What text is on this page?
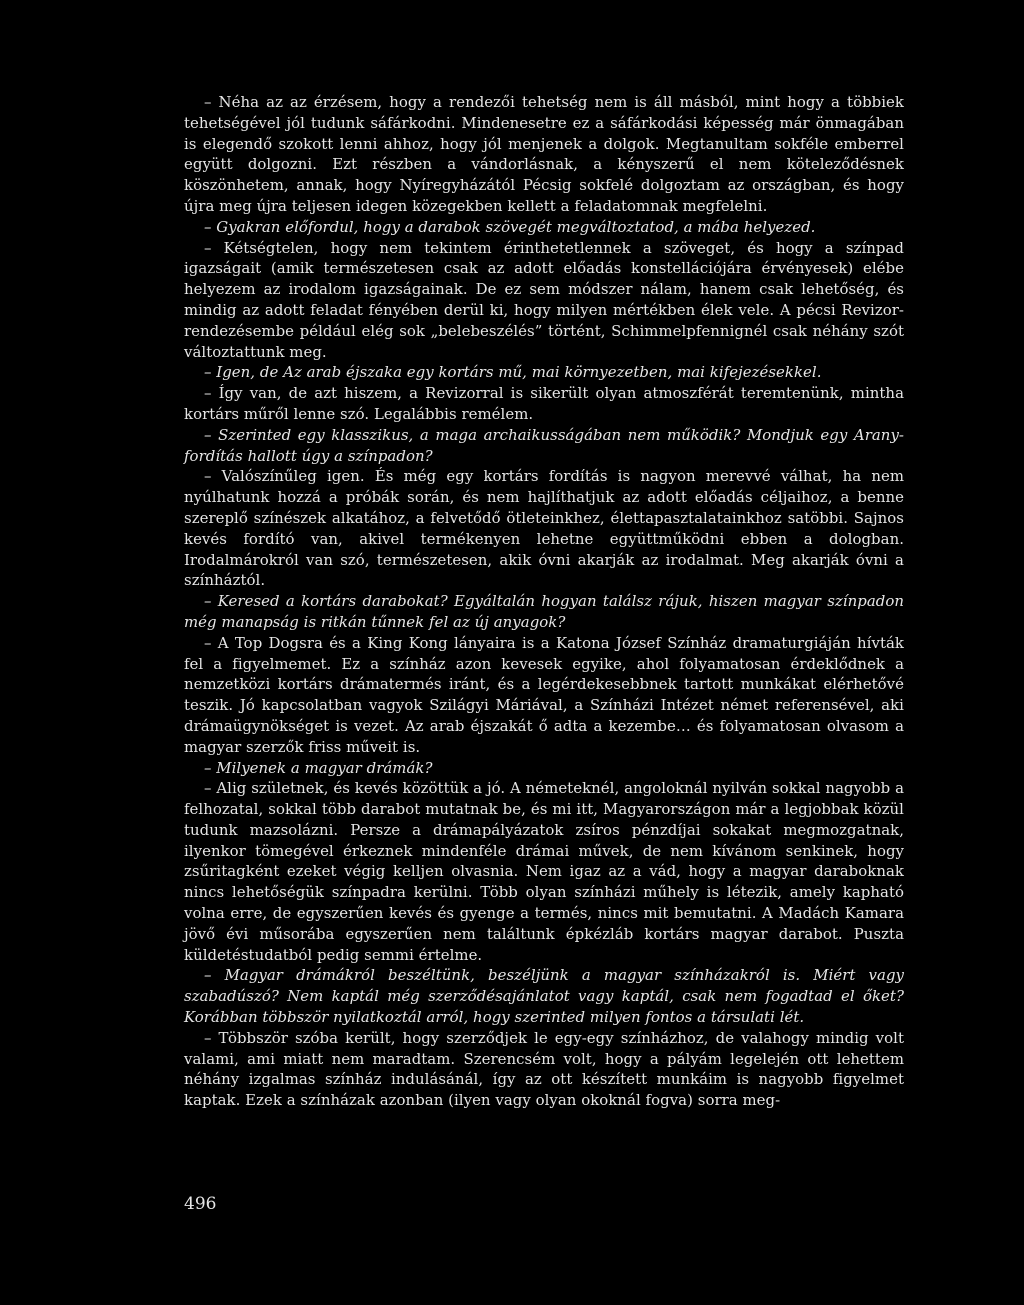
– Néha az az érzésem, hogy a rendezői tehetség nem is áll másból, mint hogy a többiek tehetségével jól tudunk sáfárkodni. Mindenesetre ez a sáfárkodási képesség már önmagában is elegendő szokott lenni ahhoz, hogy jól menjenek a dolgok. Megtanultam sokféle emberrel együtt dolgozni. Ezt részben a vándorlásnak, a kényszerű el nem köteleződésnek köszönhetem, annak, hogy Nyíregyházától Pécsig sokfelé dolgoztam az országban, és hogy újra meg újra teljesen idegen közegekben kellett a feladatomnak megfelelni.

– Gyakran előfordul, hogy a darabok szövegét megváltoztatod, a mába helyezed.

– Kétségtelen, hogy nem tekintem érinthetetlennek a szöveget, és hogy a színpad igazságait (amik természetesen csak az adott előadás konstellációjára érvényesek) elébe helyezem az irodalom igazságainak. De ez sem módszer nálam, hanem csak lehetőség, és mindig az adott feladat fényében derül ki, hogy milyen mértékben élek vele. A pécsi Revizor-rendezésembe például elég sok „belebeszélés” történt, Schimmelpfennignél csak néhány szót változtattunk meg.

– Igen, de Az arab éjszaka egy kortárs mű, mai környezetben, mai kifejezésekkel.

– Így van, de azt hiszem, a Revizorral is sikerült olyan atmoszférát teremtenünk, mintha kortárs műről lenne szó. Legalábbis remélem.

– Szerinted egy klasszikus, a maga archaikusságában nem működik? Mondjuk egy Arany-fordítás hallott úgy a színpadon?

– Valószínűleg igen. És még egy kortárs fordítás is nagyon merevvé válhat, ha nem nyúlhatunk hozzá a próbák során, és nem hajlíthatjuk az adott előadás céljaihoz, a benne szereplő színészek alkatához, a felvetődő ötleteinkhez, élettapasztalatainkhoz satöbbi. Sajnos kevés fordító van, akivel termékenyen lehetne együttműködni ebben a dologban. Irodalmárokról van szó, természetesen, akik óvni akarják az irodalmat. Meg akarják óvni a színháztól.

– Keresed a kortárs darabokat? Egyáltalán hogyan találsz rájuk, hiszen magyar színpadon még manapság is ritkán tűnnek fel az új anyagok?

– A Top Dogsra és a King Kong lányaira is a Katona József Színház dramaturgiáján hívták fel a figyelmemet. Ez a színház azon kevesek egyike, ahol folyamatosan érdeklődnek a nemzetközi kortárs drámatermés iránt, és a legérdekesebbnek tartott munkákat elérhetővé teszik. Jó kapcsolatban vagyok Szilágyi Máriával, a Színházi Intézet német referensével, aki drámaügynökséget is vezet. Az arab éjszakát ő adta a kezembe… és folyamatosan olvasom a magyar szerzők friss műveit is.

– Milyenek a magyar drámák?

– Alig születnek, és kevés közöttük a jó. A németeknél, angoloknál nyilván sokkal nagyobb a felhozatal, sokkal több darabot mutatnak be, és mi itt, Magyarországon már a legjobbak közül tudunk mazsolázni. Persze a drámapályázatok zsíros pénzdíjai sokakat megmozgatnak, ilyenkor tömegével érkeznek mindenféle drámai művek, de nem kívánom senkinek, hogy zsűritagként ezeket végig kelljen olvasnia. Nem igaz az a vád, hogy a magyar daraboknak nincs lehetőségük színpadra kerülni. Több olyan színházi műhely is létezik, amely kapható volna erre, de egyszerűen kevés és gyenge a termés, nincs mit bemutatni. A Madách Kamara jövő évi műsorába egyszerűen nem találtunk épkézláb kortárs magyar darabot. Puszta küldetéstudatból pedig semmi értelme.

– Magyar drámákról beszéltünk, beszéljünk a magyar színházakról is. Miért vagy szabadúszó? Nem kaptál még szerződésajánlatot vagy kaptál, csak nem fogadtad el őket? Korábban többször nyilatkoztál arról, hogy szerinted milyen fontos a társulati lét.

– Többször szóba került, hogy szerződjek le egy-egy színházhoz, de valahogy mindig volt valami, ami miatt nem maradtam. Szerencsém volt, hogy a pályám legelején ott lehettem néhány izgalmas színház indulásánál, így az ott készített munkáim is nagyobb figyelmet kaptak. Ezek a színházak azonban (ilyen vagy olyan okoknál fogva) sorra meg-

496
